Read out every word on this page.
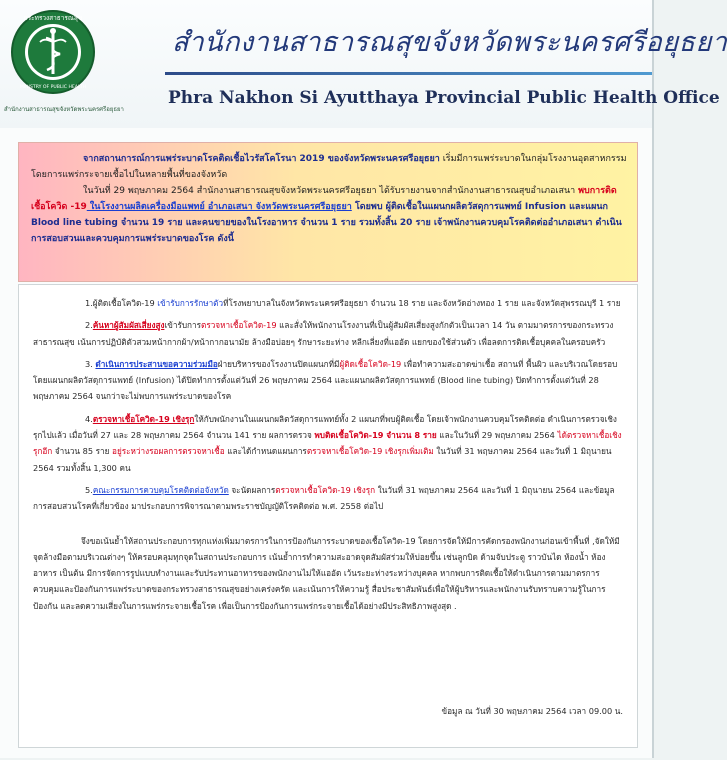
กระทรวงสาธารณสุข
MINISTRY OF PUBLIC HEALTH
สำนักงานสาธารณสุขจังหวัดพระนครศรีอยุธยา
สำนักงานสาธารณสุขจังหวัดพระนครศรีอยุธยา
Phra Nakhon Si Ayutthaya Provincial Public Health Office

จากสถานการณ์การแพร่ระบาดโรคติดเชื้อไวรัสโคโรนา 2019 ของจังหวัดพระนครศรีอยุธยา เริ่มมีการแพร่ระบาดในกลุ่มโรงงานอุตสาหกรรม โดยการแพร่กระจายเชื้อไปในหลายพื้นที่ของจังหวัด

ในวันที่ 29 พฤษภาคม 2564 สำนักงานสาธารณสุขจังหวัดพระนครศรีอยุธยา ได้รับรายงานจากสำนักงานสาธารณสุขอำเภอเสนา พบการติดเชื้อโควิด -19 ในโรงงานผลิตเครื่องมือแพทย์ อำเภอเสนา จังหวัดพระนครศรีอยุธยา โดยพบ ผู้ติดเชื้อในแผนกผลิตวัสดุการแพทย์ Infusion และแผนก Blood line tubing จำนวน 19 ราย และคนขายของในโรงอาหาร จำนวน 1 ราย รวมทั้งสิ้น 20 ราย เจ้าพนักงานควบคุมโรคติดต่ออำเภอเสนา ดำเนินการสอบสวนและควบคุมการแพร่ระบาดของโรค ดังนี้

1.ผู้ติดเชื้อโควิด-19 เข้ารับการรักษาตัวที่โรงพยาบาลในจังหวัดพระนครศรีอยุธยา จำนวน 18 ราย และจังหวัดอ่างทอง 1 ราย และจังหวัดสุพรรณบุรี 1 ราย

2.ค้นหาผู้สัมผัสเสี่ยงสูงเข้ารับการตรวจหาเชื้อโควิด-19 และสั่งให้พนักงานโรงงานที่เป็นผู้สัมผัสเสี่ยงสูงกักตัวเป็นเวลา 14 วัน ตามมาตรการของกระทรวงสาธารณสุข เน้นการปฏิบัติตัวสวมหน้ากากผ้า/หน้ากากอนามัย ล้างมือบ่อยๆ รักษาระยะห่าง หลีกเลี่ยงที่แออัด แยกของใช้ส่วนตัว เพื่อลดการติดเชื้อบุคคลในครอบครัว

3. ดำเนินการประสานขอความร่วมมือฝ่ายบริหารของโรงงานปิดแผนกที่มีผู้ติดเชื้อโควิด-19 เพื่อทำความสะอาดฆ่าเชื้อ สถานที่ พื้นผิว และบริเวณโดยรอบ โดยแผนกผลิตวัสดุการแพทย์ (Infusion) ได้ปิดทำการตั้งแต่วันที่ 26 พฤษภาคม 2564 และแผนกผลิตวัสดุการแพทย์ (Blood line tubing) ปิดทำการตั้งแต่วันที่ 28 พฤษภาคม 2564 จนกว่าจะไม่พบการแพร่ระบาดของโรค

4.ตรวจหาเชื้อโควิด-19 เชิงรุกให้กับพนักงานในแผนกผลิตวัสดุการแพทย์ทั้ง 2 แผนกที่พบผู้ติดเชื้อ โดยเจ้าพนักงานควบคุมโรคติดต่อ ดำเนินการตรวจเชิงรุกไปแล้ว เมื่อวันที่ 27 และ 28 พฤษภาคม 2564 จำนวน 141 ราย ผลการตรวจ พบติดเชื้อโควิด-19 จำนวน 8 ราย และในวันที่ 29 พฤษภาคม 2564 ได้ตรวจหาเชื้อเชิงรุกอีก จำนวน 85 ราย อยู่ระหว่างรอผลการตรวจหาเชื้อ และได้กำหนดแผนการตรวจหาเชื้อโควิด-19 เชิงรุกเพิ่มเติม ในวันที่ 31 พฤษภาคม 2564 และวันที่ 1 มิถุนายน 2564 รวมทั้งสิ้น 1,300 คน

5.คณะกรรมการควบคุมโรคติดต่อจังหวัด จะนัดผลการตรวจหาเชื้อโควิด-19 เชิงรุก ในวันที่ 31 พฤษภาคม 2564 และวันที่ 1 มิถุนายน 2564 และข้อมูลการสอบสวนโรคที่เกี่ยวข้อง มาประกอบการพิจารณาตามพระราชบัญญัติโรคติดต่อ พ.ศ. 2558 ต่อไป

จึงขอเน้นย้ำให้สถานประกอบการทุกแห่งเพิ่มมาตรการในการป้องกันการระบาดของเชื้อโควิด-19 โดยการจัดให้มีการคัดกรองพนักงานก่อนเข้าพื้นที่ ,จัดให้มีจุดล้างมือตามบริเวณต่างๆ ให้ครอบคลุมทุกจุดในสถานประกอบการ เน้นย้ำการทำความสะอาดจุดสัมผัสร่วมให้บ่อยขึ้น เช่นลูกบิด ด้ามจับประตู ราวบันได ห้องน้ำ ห้องอาหาร เป็นต้น มีการจัดการรูปแบบทำงานและรับประทานอาหารของพนักงานไม่ให้แออัด เว้นระยะห่างระหว่างบุคคล หากพบการติดเชื้อให้ดำเนินการตามมาตรการควบคุมและป้องกันการแพร่ระบาดของกระทรวงสาธารณสุขอย่างเคร่งครัด และเน้นการให้ความรู้ สื่อประชาสัมพันธ์เพื่อให้ผู้บริหารและพนักงานรับทราบความรู้ในการป้องกัน และลดความเสี่ยงในการแพร่กระจายเชื้อโรค เพื่อเป็นการป้องกันการแพร่กระจายเชื้อได้อย่างมีประสิทธิภาพสูงสุด .

ข้อมูล ณ วันที่ 30 พฤษภาคม 2564 เวลา 09.00 น.
